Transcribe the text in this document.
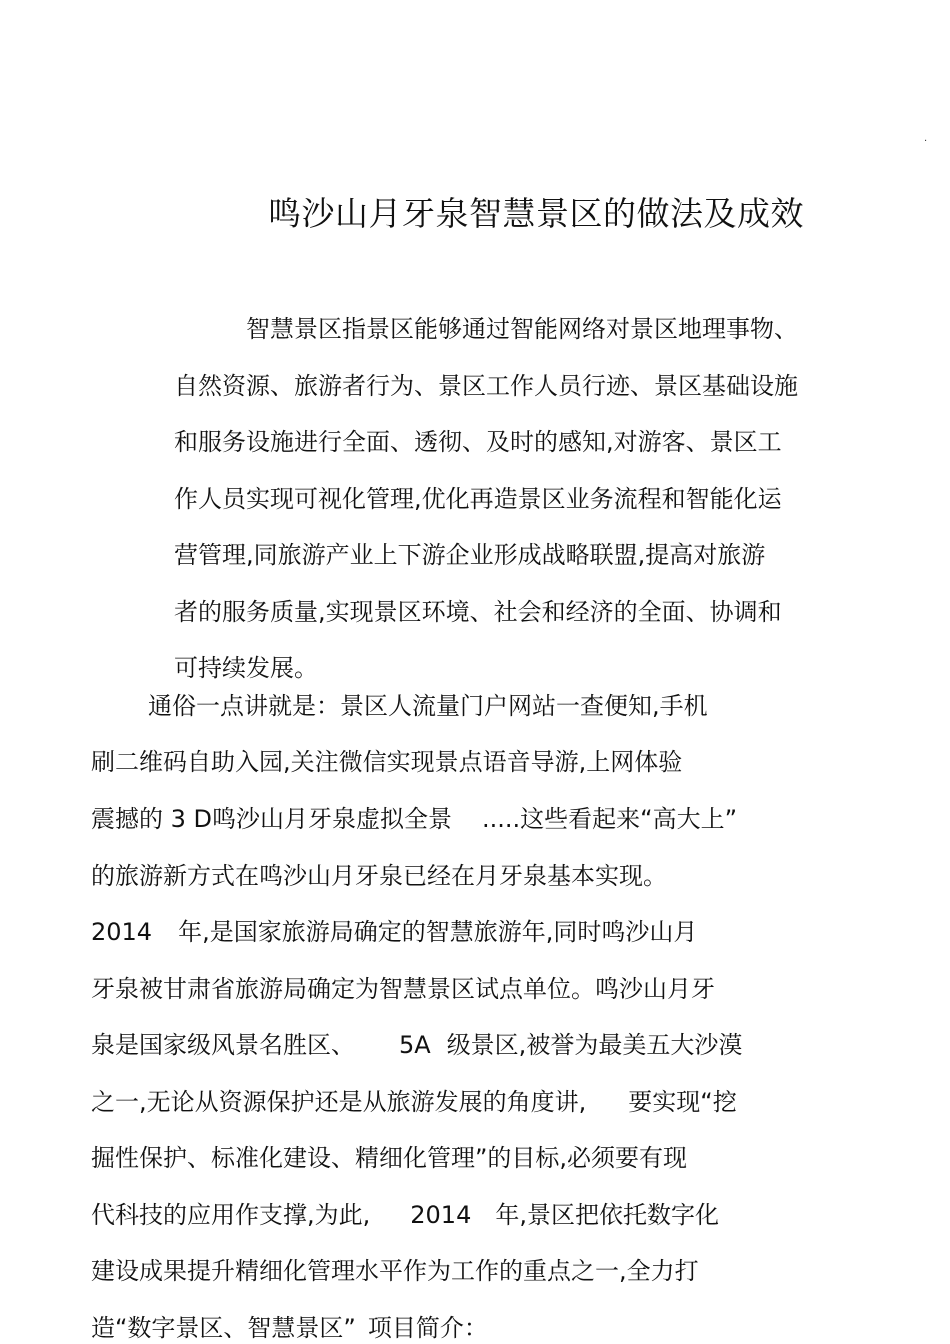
.
鸣沙山月牙泉智慧景区的做法及成效
智慧景区指景区能够通过智能网络对景区地理事物、
自然资源、旅游者行为、景区工作人员行迹、景区基础设施
和服务设施进行全面、透彻、及时的感知,对游客、景区工
作人员实现可视化管理,优化再造景区业务流程和智能化运
营管理,同旅游产业上下游企业形成战略联盟,提高对旅游
者的服务质量,实现景区环境、社会和经济的全面、协调和
可持续发展。
通俗一点讲就是：景区人流量门户网站一查便知,手机
刷二维码自助入园,关注微信实现景点语音导游,上网体验
震撼的 3 D鸣沙山月牙泉虚拟全景 .....这些看起来“高大上”
的旅游新方式在鸣沙山月牙泉已经在月牙泉基本实现。
2014 年,是国家旅游局确定的智慧旅游年,同时鸣沙山月
牙泉被甘肃省旅游局确定为智慧景区试点单位。鸣沙山月牙
泉是国家级风景名胜区、 5A 级景区,被誉为最美五大沙漠
之一,无论从资源保护还是从旅游发展的角度讲, 要实现“挖
掘性保护、标准化建设、精细化管理”的目标,必须要有现
代科技的应用作支撑,为此, 2014 年,景区把依托数字化
建设成果提升精细化管理水平作为工作的重点之一,全力打
造“数字景区、智慧景区” 项目简介：
